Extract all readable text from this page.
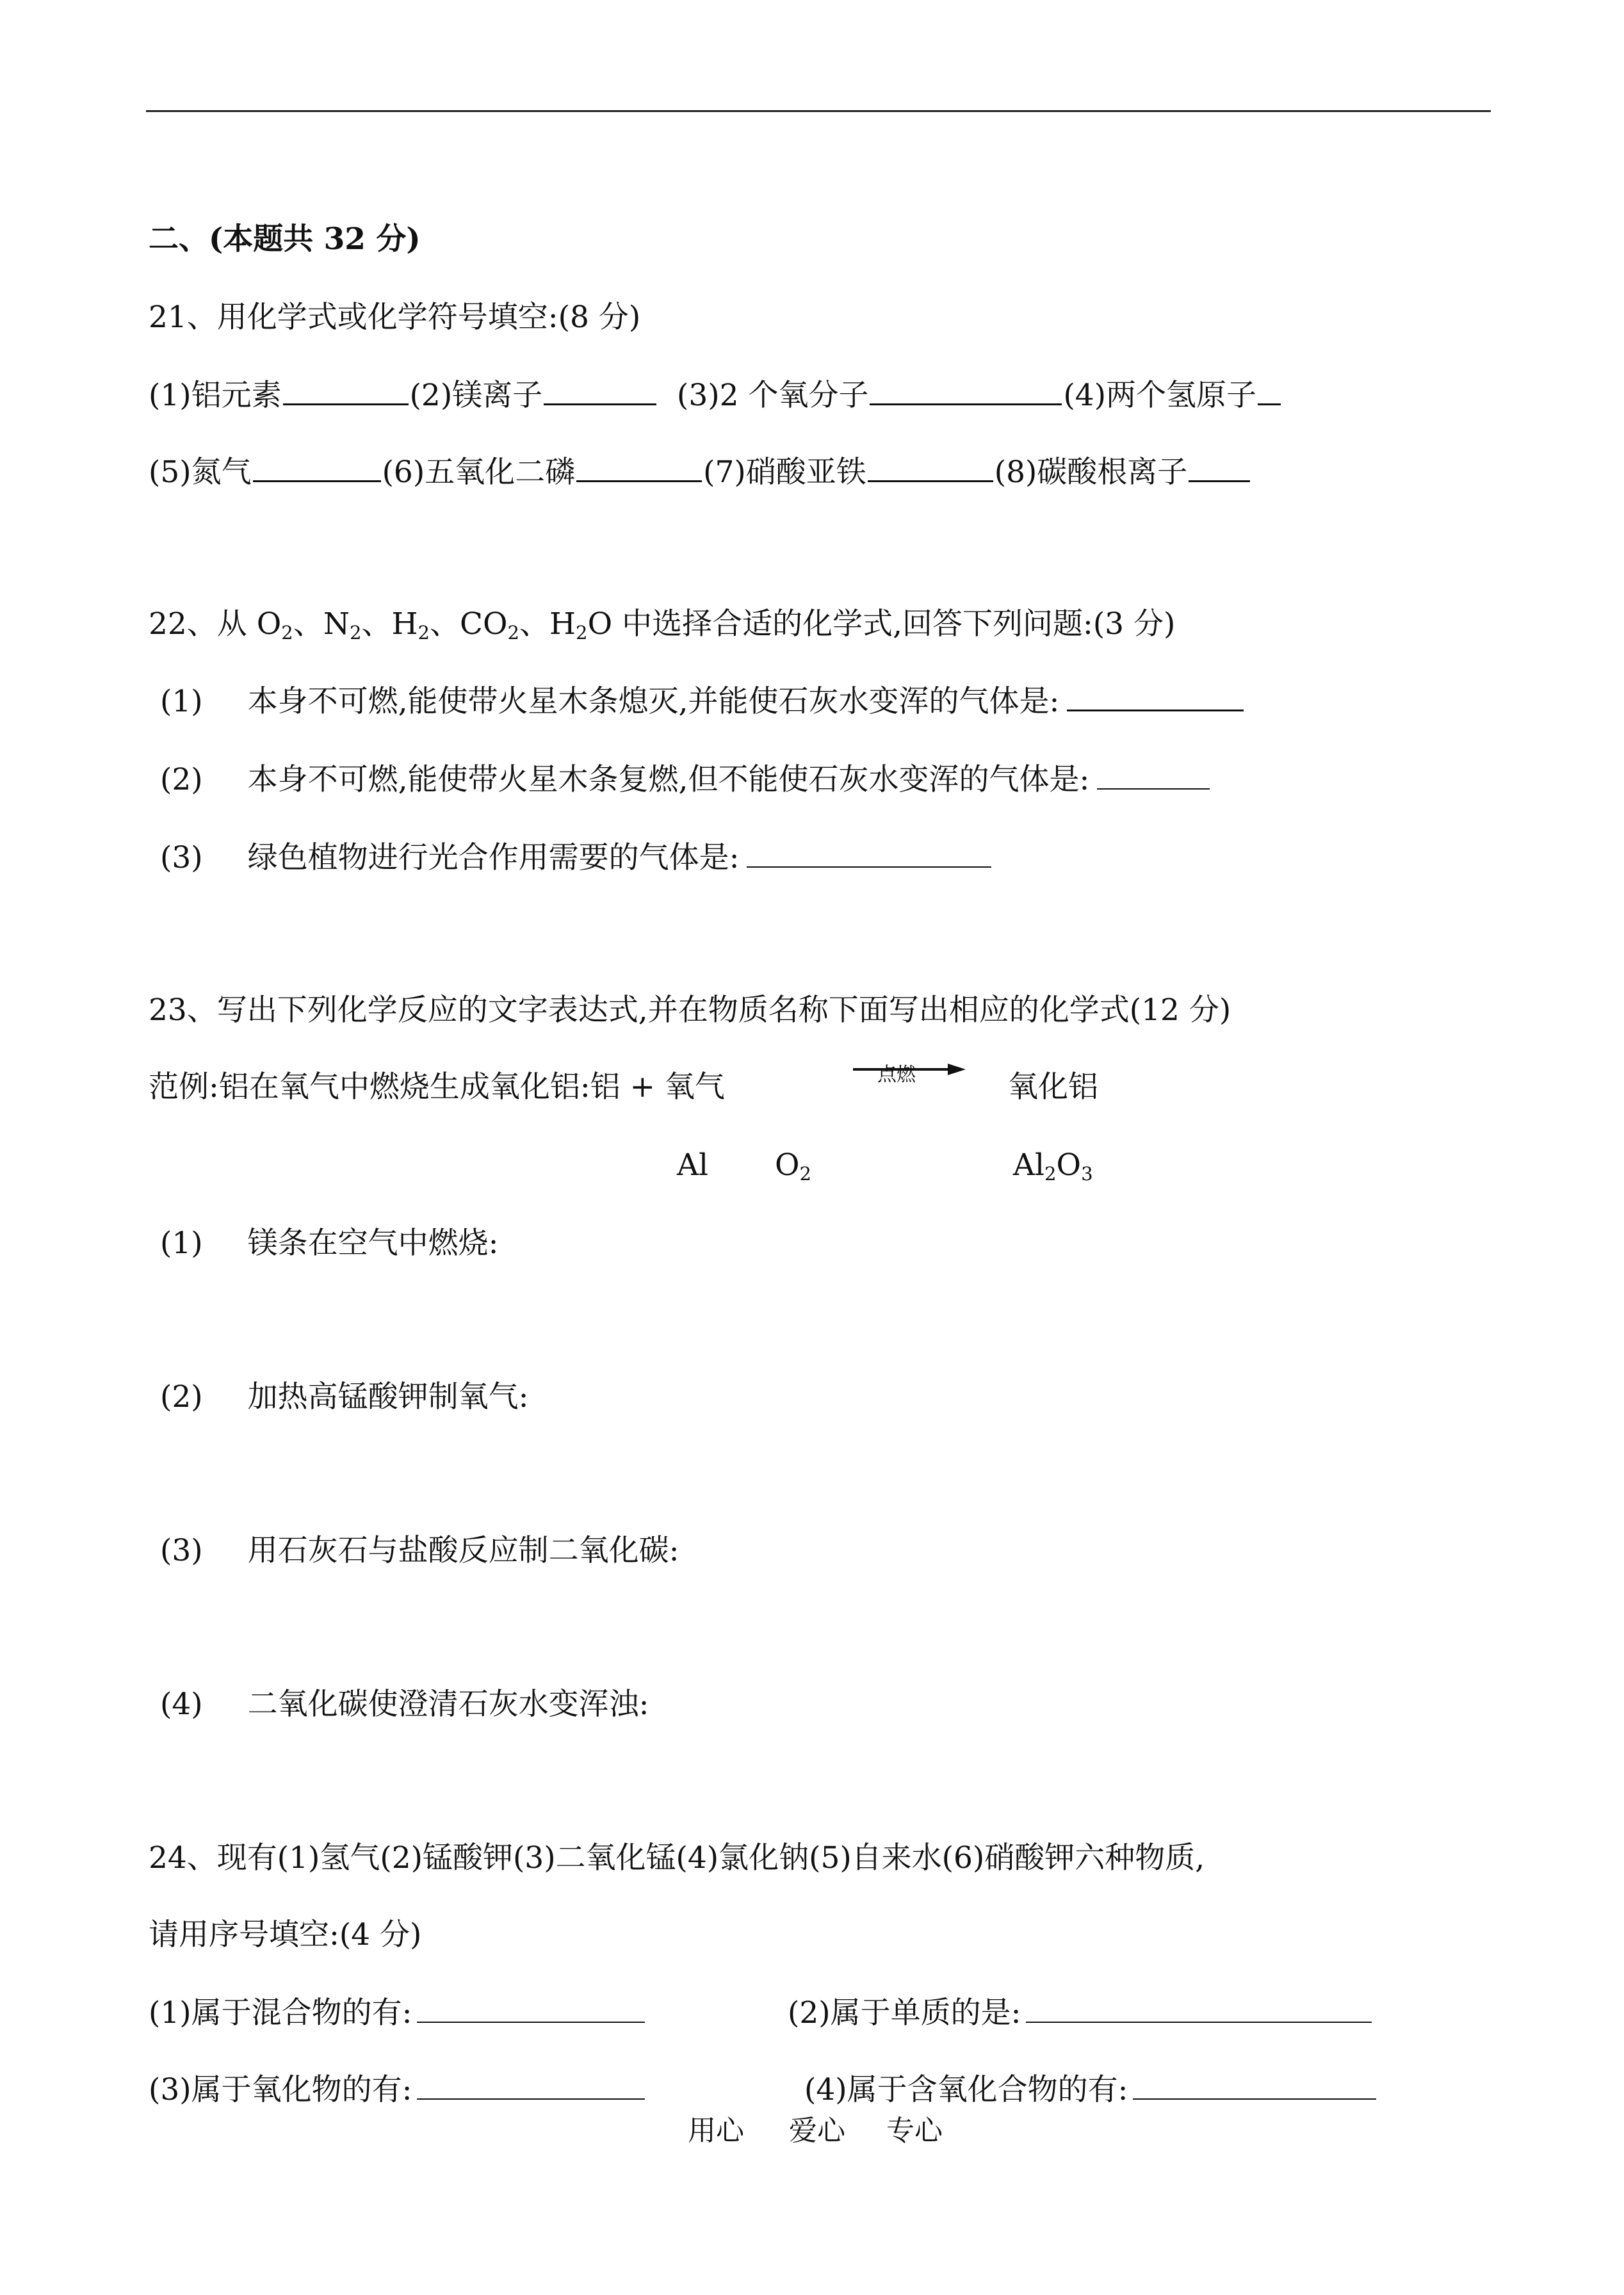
二、(本题共 32 分)
21、用化学式或化学符号填空:(8 分)
(1)铝元素	(2)镁离子	(3)2 个氧分子	(4)两个氢原子
(5)氮气	(6)五氧化二磷	(7)硝酸亚铁	(8)碳酸根离子
22、从 $O_2$、$N_2$、$H_2$、$CO_2$、$H_2O$ 中选择合适的化学式,回答下列问题:(3 分)
(1) 本身不可燃,能使带火星木条熄灭,并能使石灰水变浑的气体是:
(2) 本身不可燃,能使带火星木条复燃,但不能使石灰水变浑的气体是:
(3) 绿色植物进行光合作用需要的气体是:
23、写出下列化学反应的文字表达式,并在物质名称下面写出相应的化学式(12 分)
范例:铝在氧气中燃烧生成氧化铝:铝 + 氧气	点燃	氧化铝
Al $O_2$	$Al_2O_3$
(1) 镁条在空气中燃烧:
(2) 加热高锰酸钾制氧气:
(3) 用石灰石与盐酸反应制二氧化碳:
(4) 二氧化碳使澄清石灰水变浑浊:
24、现有(1)氢气(2)锰酸钾(3)二氧化锰(4)氯化钠(5)自来水(6)硝酸钾六种物质,
请用序号填空:(4 分)
(1)属于混合物的有:	(2)属于单质的是:
(3)属于氧化物的有:	(4)属于含氧化合物的有:
用心 爱心 专心
